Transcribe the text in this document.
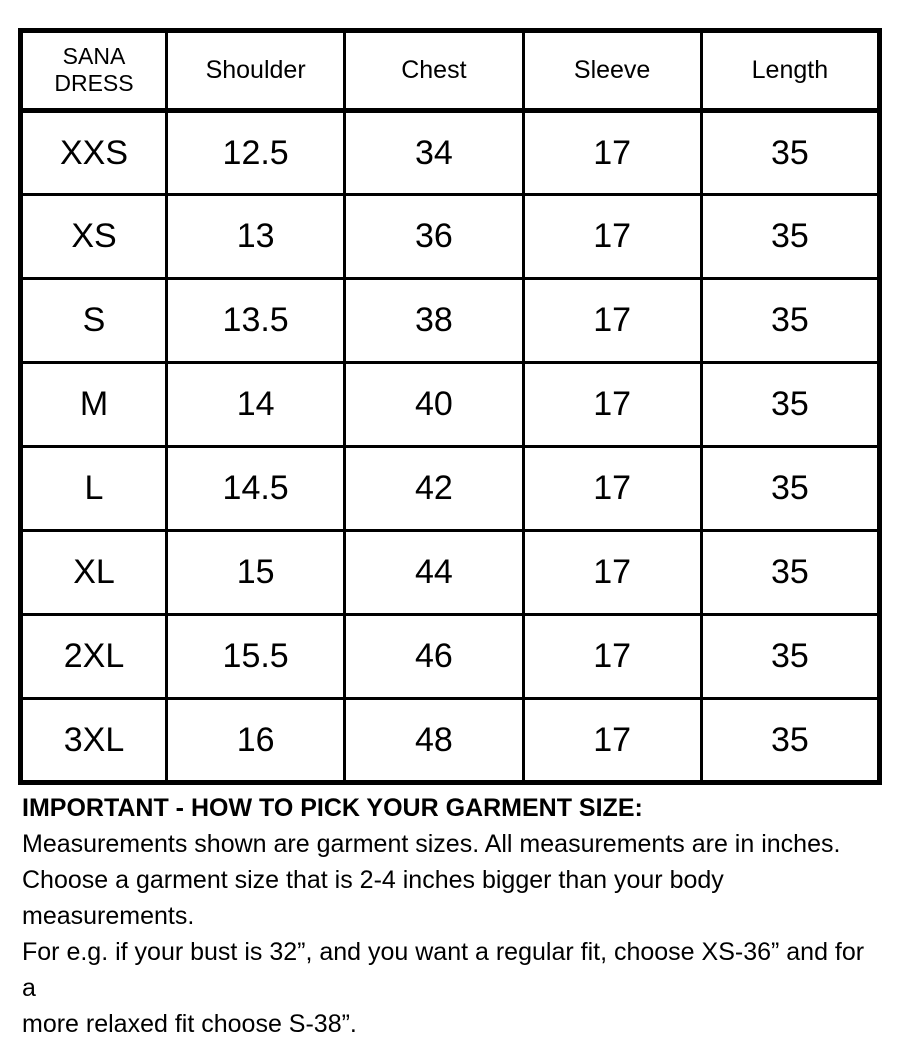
SANA DRESS	Shoulder	Chest	Sleeve	Length
XXS	12.5	34	17	35
XS	13	36	17	35
S	13.5	38	17	35
M	14	40	17	35
L	14.5	42	17	35
XL	15	44	17	35
2XL	15.5	46	17	35
3XL	16	48	17	35
IMPORTANT - HOW TO PICK YOUR GARMENT SIZE:
Measurements shown are garment sizes. All measurements are in inches.
Choose a garment size that is 2-4 inches bigger than your body measurements.
For e.g. if your bust is 32”, and you want a regular fit, choose XS-36” and for a
more relaxed fit choose S-38”.
